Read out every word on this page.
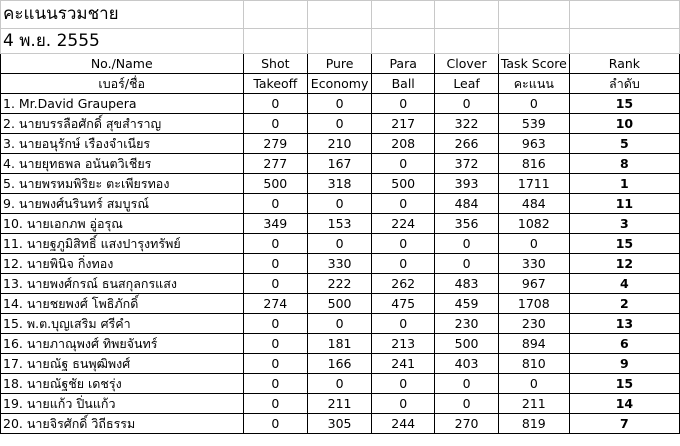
คะแนนรวมชาย						
4 พ.ย. 2555						
No./Name	Shot	Pure	Para	Clover	Task Score	Rank
เบอร์/ชื่อ	Takeoff	Economy	Ball	Leaf	คะแนน	ลำดับ
1. Mr.David Graupera	0	0	0	0	0	15
2. นายบรรลือศักดิ์ สุขสำราญ	0	0	217	322	539	10
3. นายอนุรักษ์ เรืองจำเนียร	279	210	208	266	963	5
4. นายยุทธพล อนันตวิเชียร	277	167	0	372	816	8
5. นายพรหมพิริยะ ตะเพียรทอง	500	318	500	393	1711	1
9. นายพงศ์นรินทร์ สมบูรณ์	0	0	0	484	484	11
10. นายเอกภพ อู่อรุณ	349	153	224	356	1082	3
11. นายฐภูมิสิทธิ์ แสงปารุงทรัพย์	0	0	0	0	0	15
12. นายพินิจ กิ่งทอง	0	330	0	0	330	12
13. นายพงศ์กรณ์ ธนสกุลกรแสง	0	222	262	483	967	4
14. นายชยพงศ์ โพธิภักดิ์	274	500	475	459	1708	2
15. พ.ต.บุญเสริม ศรีคำ	0	0	0	230	230	13
16. นายภาณุพงศ์ ทิพยจันทร์	0	181	213	500	894	6
17. นายณัฐ ธนพุฒิพงศ์	0	166	241	403	810	9
18. นายณัฐชัย เดชรุ่ง	0	0	0	0	0	15
19. นายแก้ว ปิ่นแก้ว	0	211	0	0	211	14
20. นายจิรศักดิ์ วิถีธรรม	0	305	244	270	819	7
